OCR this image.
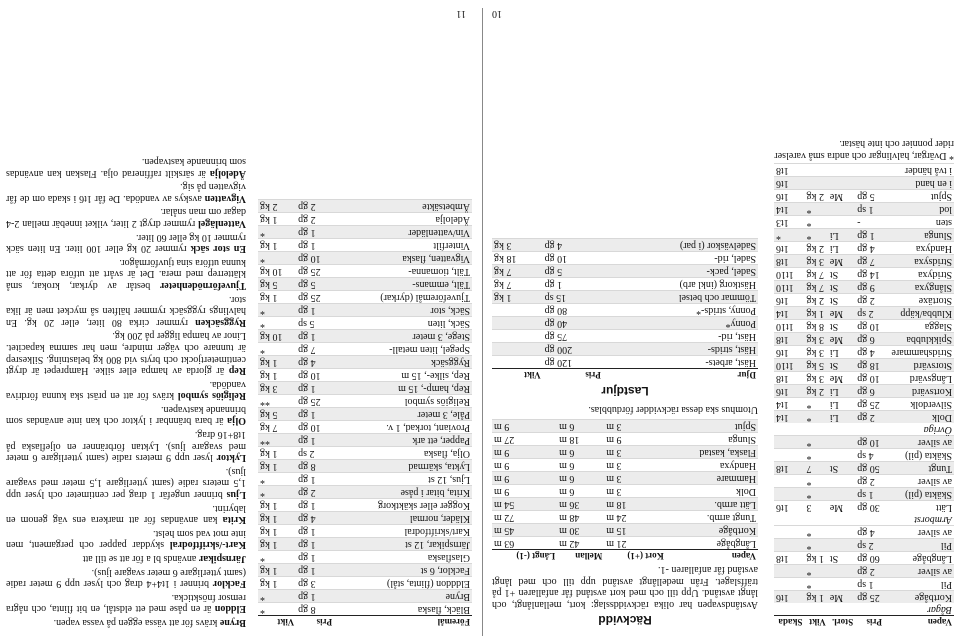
Vapen	Pris	Storl.	Vikt	Skada
Bågar				
Kortbåge	25 gp	Me	1 kg	1t6
Pil	1 sp		*	
av silver	2 gp		*	
Långbåge	60 gp	St	1 kg	1t8
Pil	2 sp		*	
av silver	4 gp		*	
Armborst				
Lätt	30 gp	Me	3	1t6
Skäkta (pil)	1 sp		*	
av silver	2 gp		*	
Tungt	50 gp	St	7	1t8
Skäkta (pil)	4 sp		*	
av silver	10 gp		*	
Övriga				
Dolk	2 gp	Li	*	1t4
Silverdolk	25 gp	Li	*	1t4
Kortsvärd	6 gp	Li	2 kg	1t6
Långsvärd	10 gp	Me	3 kg	1t8
Storsvärd	18 gp	St	5 kg	1t10
Stridshammare	4 gp	Li	3 kg	1t6
Spikklubba	6 gp	Me	3 kg	1t8
Slagga	10 gp	St	8 kg	1t10
Klubba/käpp	2 sp	Me	1 kg	1t4
Stortäxe	2 gp	St	2 kg	1t6
Slångyxa	9 gp	St	7 kg	1t10
Stridyxa	14 gp	St	7 kg	1t10
Stridsyxa	7 gp	Me	3 kg	1t8
Handyxa	4 gp	Li	2 kg	1t6
Slunga	1 gp	Li	*	*
sten	-		*	1t3
lod	1 sp		*	1t4
Spjut	5 gp	Me	2 kg	1t6
i en hand				1t6
i två händer				1t8
* Dvärgar, halvlingar och andra små varelser rider ponnier och inte hästar.
Räckvidd

Avståndsvapen har olika räckviddsslag: kort, mellanlångt, och långt avstånd. Upp till och med kort avstånd får anfallaren +1 på träffslaget. Från medellångt avstånd upp till och med långt avstånd får anfallaren -1.

Vapen	Kort (+1)	Mellan	Långt (-1)
Långbåge	21 m	42 m	63 m
Kortbåge	15 m	30 m	45 m
Tungt armb.	24 m	48 m	72 m
Lätt armb.	18 m	36 m	54 m
Dolk	3 m	6 m	9 m
Hammare	3 m	6 m	9 m
Handyxa	3 m	6 m	9 m
Flaska, kastad	3 m	6 m	9 m
Slunga	9 m	18 m	27 m
Spjut	3 m	6 m	9 m

Utomhus ska dessa räckvidder fördubblas.

Lastdjur
Djur	Pris	Vikt
Häst, arbets-	120 gp	
Häst, strids-	200 gp	
Häst, rid-	75 gp	
Ponny*	40 gp	
Ponny, strids-*	80 gp	
Tömmar och betsel	15 sp	1 kg
Hästkorg (inkl arb)	1 gp	7 kg
Sadel, pack-	5 gp	7 kg
Sadel, rid-	10 gp	18 kg
Sadelväskor (i par)	4 gp	3 kg
10
Föremål	Pris	Vikt
Bläck, flaska	8 gp	*
Brynе	1 gp	*
Eldddon (flinta, stål)	3 gp	1 kg
Facklor, 6 st	1 gp	1 kg
Glasflaska	1 gp	*
Järnspikar, 12 st	1 gp	1 kg
Kart/skriftfodral	1 gp	1 kg
Kläder, normal	4 gp	1 kg
Kogger eller skäktkorg	1 gp	1 kg
Krita, bitar i påse	2 gp	*
Ljus, 12 st	1 gp	*
Lykta, skärmad	8 gp	1 kg
Olja, flaska	2 sp	1 kg
Papper, ett ark	1 gp	**
Proviant, torkad, 1 v.	10 gp	7 kg
Påle, 3 meter	1 gp	5 kg
Religiös symbol	25 gp	**
Rep, hamp-, 15 m	1 gp	3 kg
Rep, silke-, 15 m	10 gp	1 kg
Ryggsäck	4 gp	1 kg
Spegel, liten metall-	7 gp	*
Stege, 3 meter	1 gp	10 kg
Säck, liten	5 sp	*
Säck, stor	1 gp	*
Tjuveföremål (dyrkar)	25 gp	1 kg
Tält, emmans-	5 gp	5 kg
Tält, tiomanna-	25 gp	10 kg
Vigvatten, flaska	10 gp	*
Vinterfilt	1 gp	1 kg
Vin/vattenläder	1 gp	*
Ädelolja	2 gp	1 kg
Ämbetsäkte	2 gp	2 kg

Bryne krävs för att vässa eggen på vassa vapen.

Elddon är en påse med ett eldstål, en bit flinta, och några remsor fnöskticka.

Facklor brinner i 1t4+4 drag och lyser upp 9 meter radie (samt ytterligare 6 meter svagare ljus).

Järnspikar används bl a för att se till att

Kart-/skriftfodral skyddar papper och pergament, men inte mot vad som helst.

Krita kan användas för att markera ens väg genom en labyrint.

Ljus brinner ungefär 1 drag per centimeter och lyser upp 1,5 meters radie (samt ytterligare 1,5 meter med svagare ljus).

Lyktor lyser upp 9 meters radie (samt ytterligare 6 meter med svagare ljus). Lyktan förbrännеr en oljeflaska på 1t8+16 drag.

Olja är bara brännbar i lyktor och kan inte användas som brinnande kastvapen.

Religiös symbol krävs för att en präst ska kunna fördriva vandöda.

Rep är gjorda av hampa eller silke. Hamprepet är drygt centimetertjockt och bryts vid 800 kg belastning. Silkesrep är tunnare och väger mindre, men har samma kapacitet. Linor av hampa ligger på 200 kg.

Ryggsäcken rymmer cirka 80 liter, eller 20 kg. En halvlings ryggsäck rymmer hälften så mycket men är lika stor.

Tjuveförnödenheter består av dyrkar, krokar, små klätterrep med mera. Det är svårt att utföra detta för att kunna utföra sina tjuvförmågor.

En stor säck rymmer 20 kg eller 100 liter. En liten säck rymmer 10 kg eller 60 liter.

Vattenlägel rymmer drygt 2 liter, vilket innebär mellan 2-4 dagar om man snålar.

Vigvatten avskys av vandöda. De får 1t6 i skada om de får vigvatten på sig.

Ädelolja är särskilt raffinerad olja. Flaskan kan användas som brinnande kastvapen.

11
